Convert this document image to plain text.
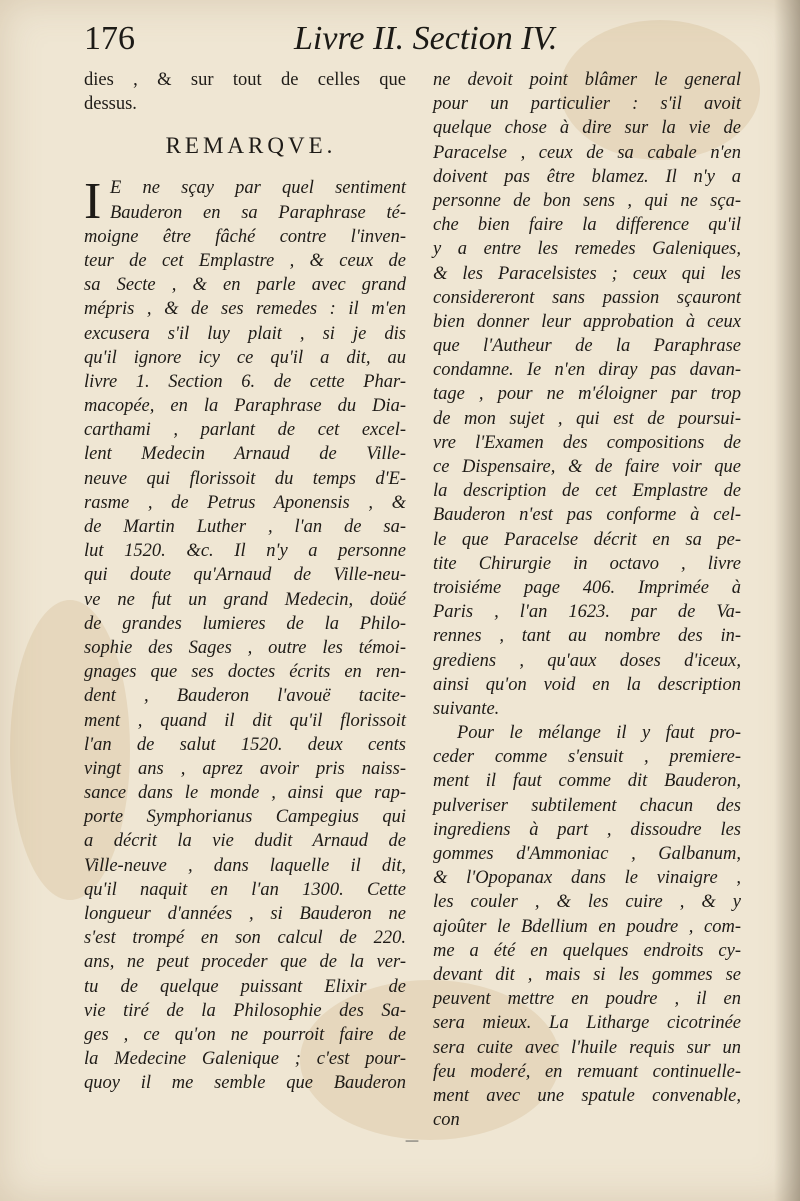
176	Livre II. Section IV.
dies , & sur tout de celles que
dessus.
REMARQVE.
I E ne sçay par quel sentiment
Bauderon en sa Paraphrase té-
moigne être fâché contre l'inven-
teur de cet Emplastre , & ceux de
sa Secte , & en parle avec grand
mépris , & de ses remedes : il m'en
excusera s'il luy plait , si je dis
qu'il ignore icy ce qu'il a dit, au
livre 1. Section 6. de cette Phar-
macopée, en la Paraphrase du Dia-
carthami , parlant de cet excel-
lent Medecin Arnaud de Ville-
neuve qui florissoit du temps d'E-
rasme , de Petrus Aponensis , &
de Martin Luther , l'an de sa-
lut 1520. &c. Il n'y a personne
qui doute qu'Arnaud de Ville-neu-
ve ne fut un grand Medecin, doüé
de grandes lumieres de la Philo-
sophie des Sages , outre les témoi-
gnages que ses doctes écrits en ren-
dent , Bauderon l'avouë tacite-
ment , quand il dit qu'il florissoit
l'an de salut 1520. deux cents
vingt ans , aprez avoir pris naiss-
sance dans le monde , ainsi que rap-
porte Symphorianus Campegius qui
a décrit la vie dudit Arnaud de
Ville-neuve , dans laquelle il dit,
qu'il naquit en l'an 1300. Cette
longueur d'années , si Bauderon ne
s'est trompé en son calcul de 220.
ans, ne peut proceder que de la ver-
tu de quelque puissant Elixir de
vie tiré de la Philosophie des Sa-
ges , ce qu'on ne pourroit faire de
la Medecine Galenique ; c'est pour-
quoy il me semble que Bauderon
ne devoit point blâmer le general
pour un particulier : s'il avoit
quelque chose à dire sur la vie de
Paracelse , ceux de sa cabale n'en
doivent pas être blamez. Il n'y a
personne de bon sens , qui ne sça-
che bien faire la difference qu'il
y a entre les remedes Galeniques,
& les Paracelsistes ; ceux qui les
considereront sans passion sçauront
bien donner leur approbation à ceux
que l'Autheur de la Paraphrase
condamne. Ie n'en diray pas davan-
tage , pour ne m'éloigner par trop
de mon sujet , qui est de poursui-
vre l'Examen des compositions de
ce Dispensaire, & de faire voir que
la description de cet Emplastre de
Bauderon n'est pas conforme à cel-
le que Paracelse décrit en sa pe-
tite Chirurgie in octavo , livre
troisiéme page 406. Imprimée à
Paris , l'an 1623. par de Va-
rennes , tant au nombre des in-
grediens , qu'aux doses d'iceux,
ainsi qu'on void en la description
suivante.
Pour le mélange il y faut pro-
ceder comme s'ensuit , premiere-
ment il faut comme dit Bauderon,
pulveriser subtilement chacun des
ingrediens à part , dissoudre les
gommes d'Ammoniac , Galbanum,
& l'Opopanax dans le vinaigre ,
les couler , & les cuire , & y
ajoûter le Bdellium en poudre , com-
me a été en quelques endroits cy-
devant dit , mais si les gommes se
peuvent mettre en poudre , il en
sera mieux. La Litharge cicotrinée
sera cuite avec l'huile requis sur un
feu moderé, en remuant continuelle-
ment avec une spatule convenable,
con
—
